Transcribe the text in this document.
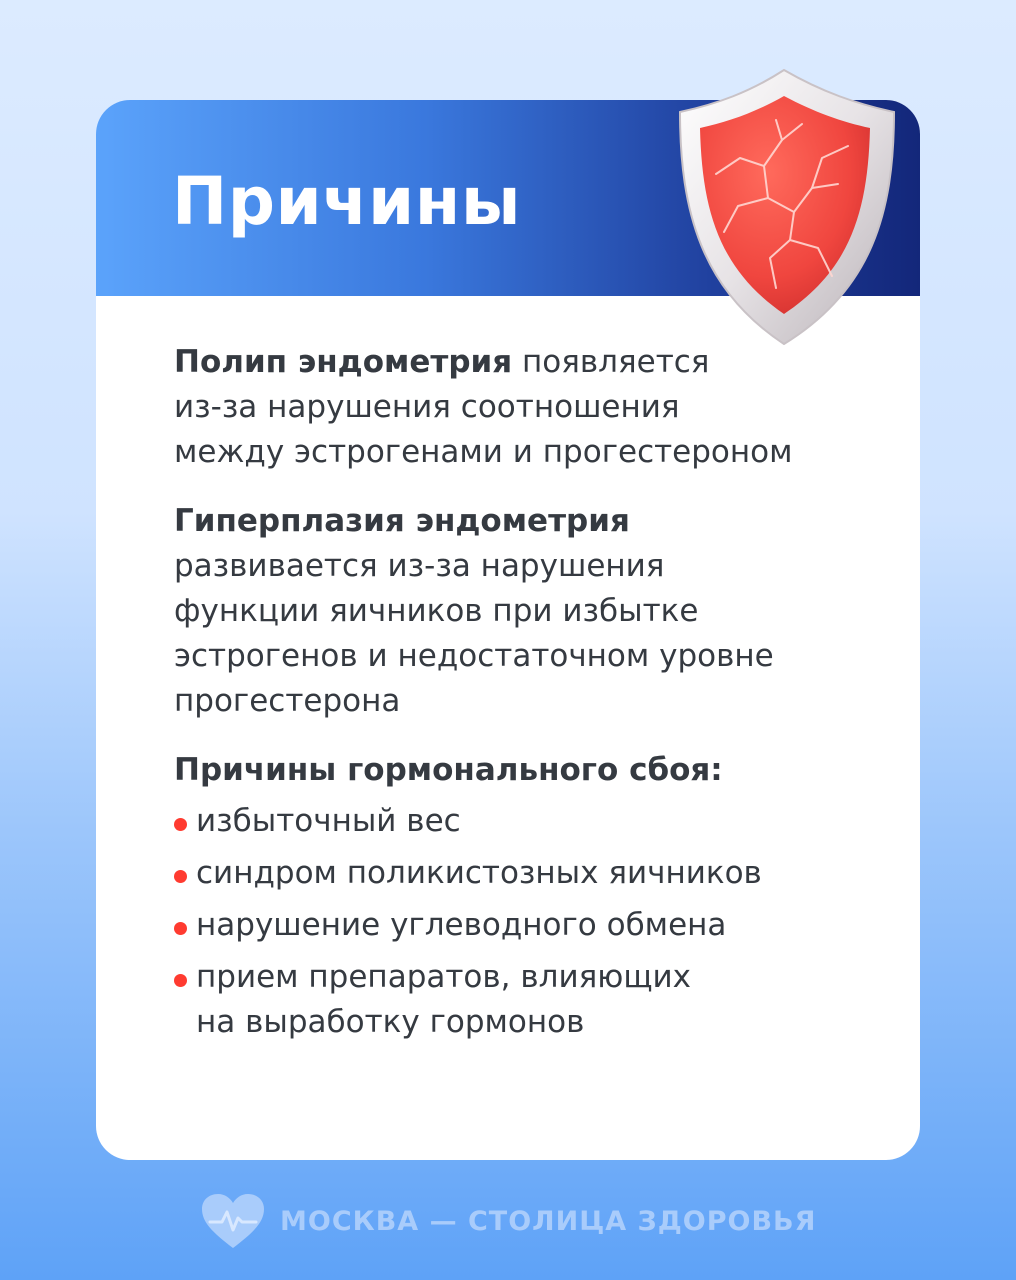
Причины

Полип эндометрия появляется
из-за нарушения соотношения
между эстрогенами и прогестероном

Гиперплазия эндометрия
развивается из-за нарушения
функции яичников при избытке
эстрогенов и недостаточном уровне
прогестерона

Причины гормонального сбоя:

избыточный вес
синдром поликистозных яичников
нарушение углеводного обмена
прием препаратов, влияющих
на выработку гормонов
МОСКВА — СТОЛИЦА ЗДОРОВЬЯ
